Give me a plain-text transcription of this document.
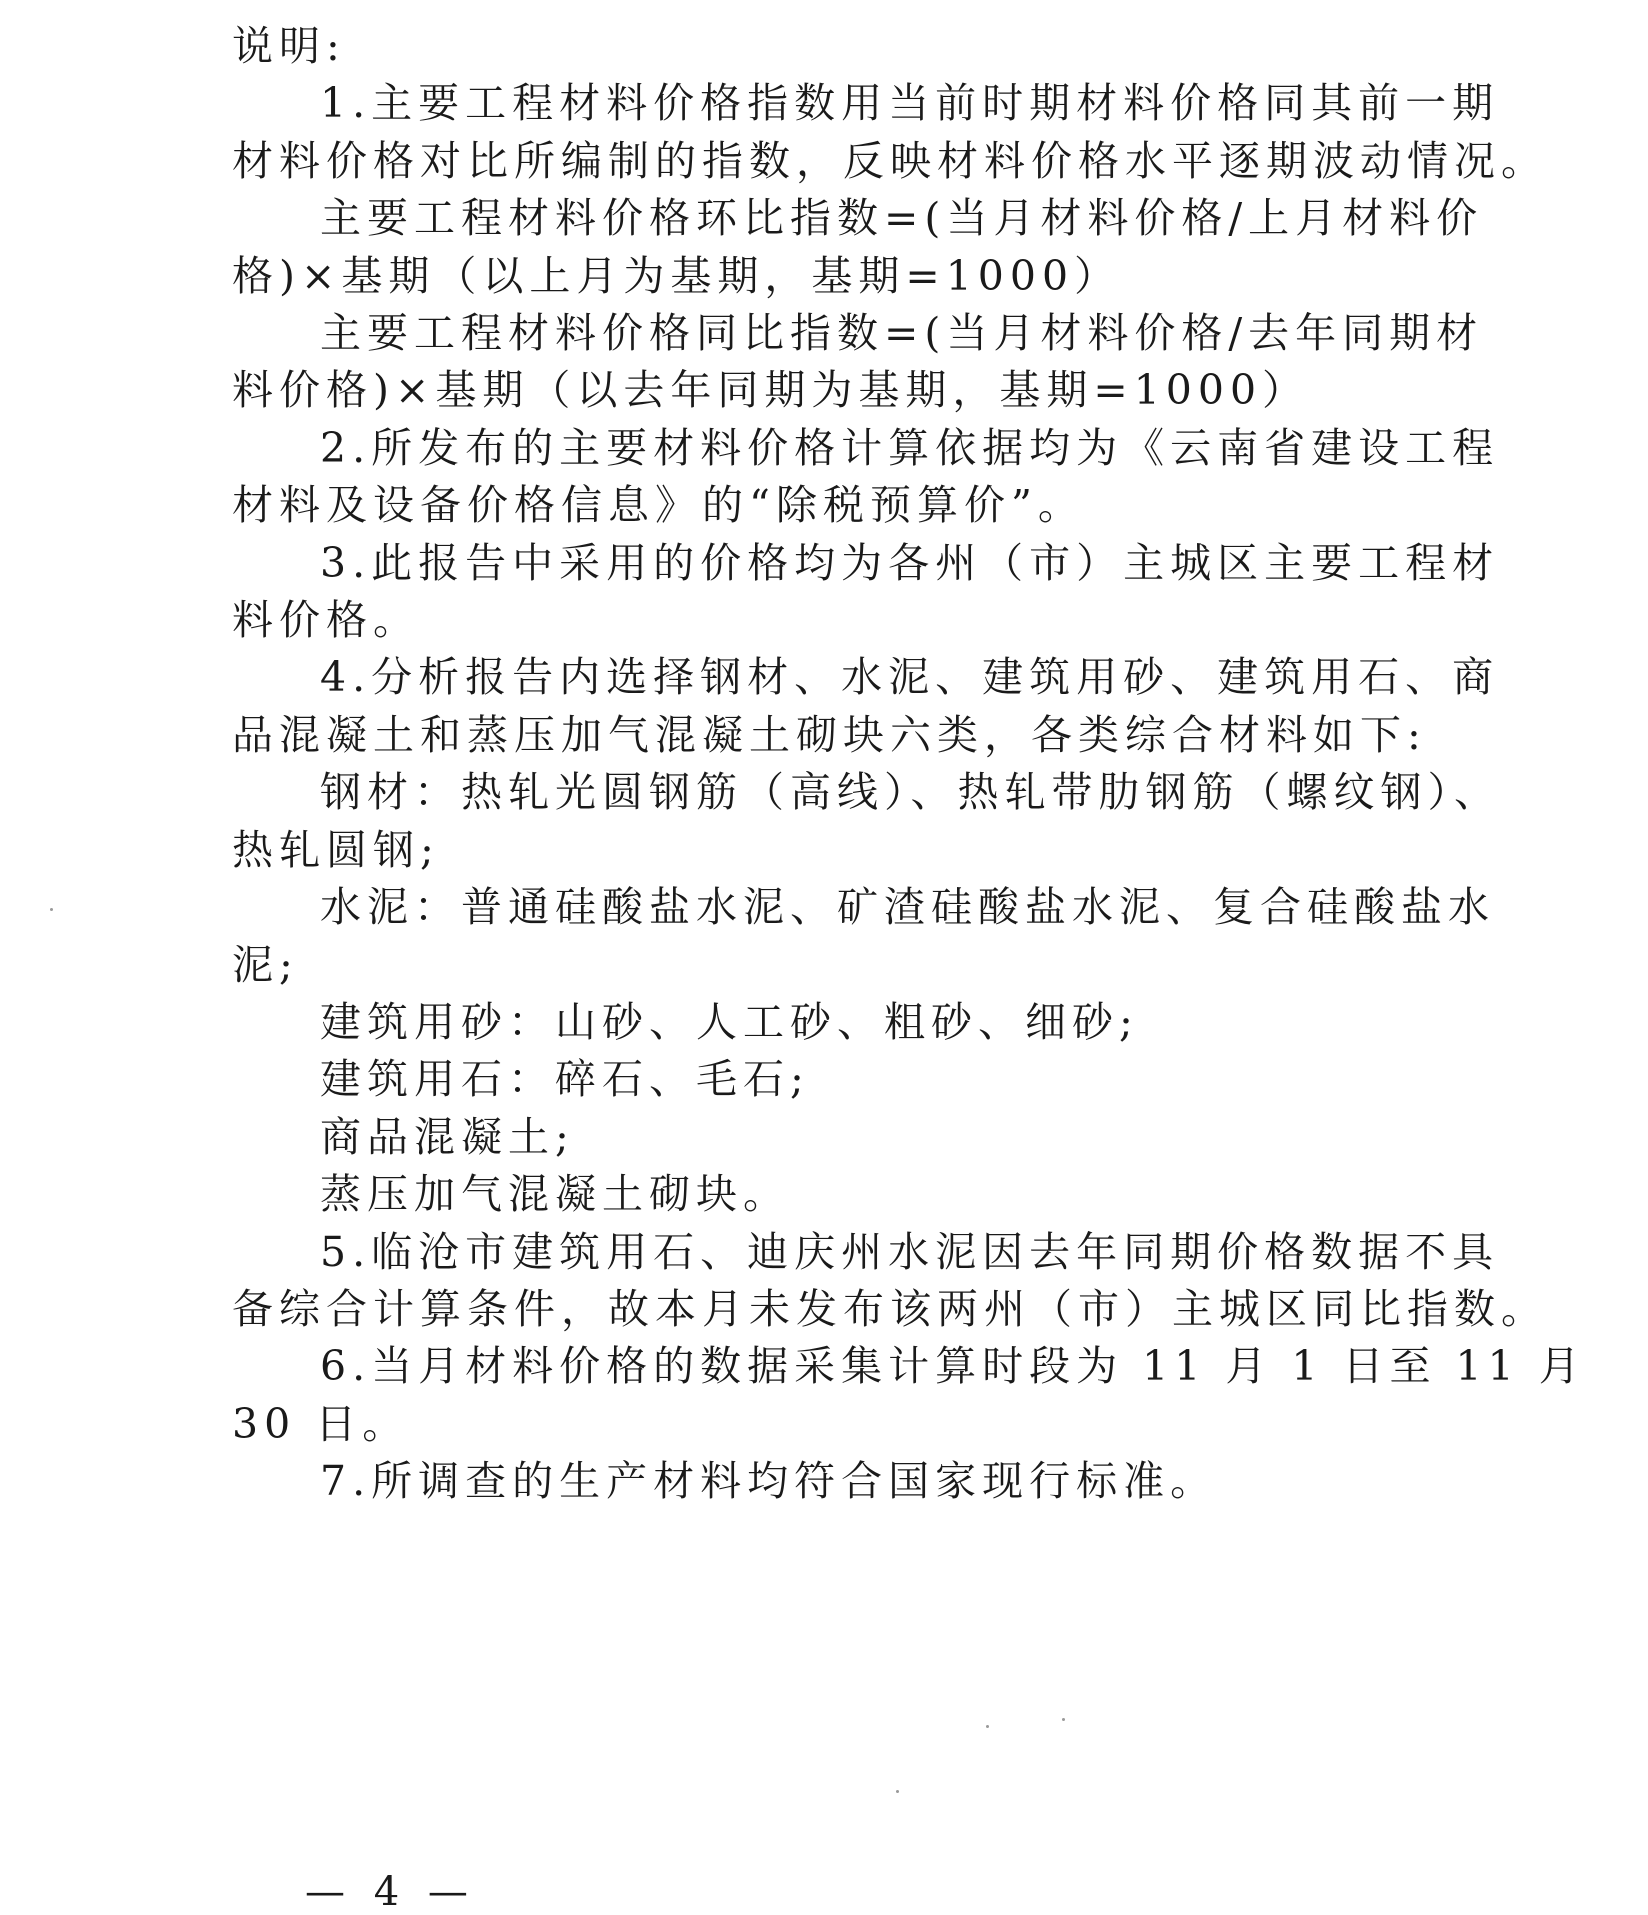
说明:

1.主要工程材料价格指数用当前时期材料价格同其前一期

材料价格对比所编制的指数，反映材料价格水平逐期波动情况。

主要工程材料价格环比指数=(当月材料价格/上月材料价

格)×基期（以上月为基期，基期=1000）

主要工程材料价格同比指数=(当月材料价格/去年同期材

料价格)×基期（以去年同期为基期，基期=1000）

2.所发布的主要材料价格计算依据均为《云南省建设工程

材料及设备价格信息》的“除税预算价”。

3.此报告中采用的价格均为各州（市）主城区主要工程材

料价格。

4.分析报告内选择钢材、水泥、建筑用砂、建筑用石、商

品混凝土和蒸压加气混凝土砌块六类，各类综合材料如下:

钢材：热轧光圆钢筋（高线）、热轧带肋钢筋（螺纹钢）、

热轧圆钢;

水泥：普通硅酸盐水泥、矿渣硅酸盐水泥、复合硅酸盐水

泥;

建筑用砂：山砂、人工砂、粗砂、细砂;

建筑用石：碎石、毛石;

商品混凝土;

蒸压加气混凝土砌块。

5.临沧市建筑用石、迪庆州水泥因去年同期价格数据不具

备综合计算条件，故本月未发布该两州（市）主城区同比指数。

6.当月材料价格的数据采集计算时段为 11 月 1 日至 11 月

30 日。

7.所调查的生产材料均符合国家现行标准。

— 4 —
